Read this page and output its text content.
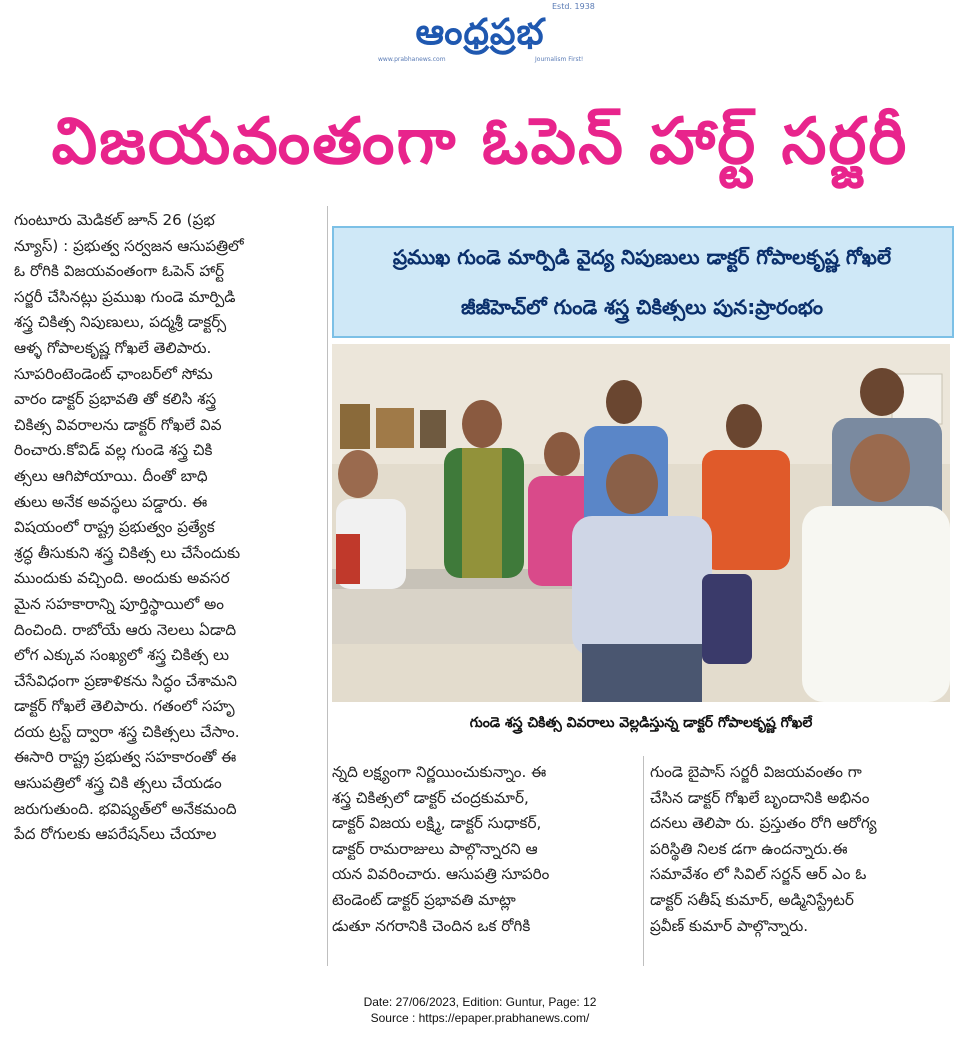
ఆంధ్రప్రభ
Estd. 1938
www.prabhanews.com	Journalism First!
విజయవంతంగా ఓపెన్ హార్ట్ సర్జరీ
గుంటూరు మెడికల్ జూన్ 26 (ప్రభ
న్యూస్) : ప్రభుత్వ సర్వజన ఆసుపత్రిలో
ఓ రోగికి విజయవంతంగా ఓపెన్ హార్ట్
సర్జరీ చేసినట్లు ప్రముఖ గుండె మార్పిడి
శస్త్ర చికిత్స నిపుణులు, పద్మశ్రీ డాక్టర్స్
ఆళ్ళ గోపాలకృష్ణ గోఖలే తెలిపారు.
సూపరింటెండెంట్ ఛాంబర్‌లో సోమ
వారం డాక్టర్ ప్రభావతి తో కలిసి శస్త్ర
చికిత్స వివరాలను డాక్టర్ గోఖలే వివ
రించారు.కోవిడ్ వల్ల గుండె శస్త్ర చికి
త్సలు ఆగిపోయాయి. దీంతో బాధి
తులు అనేక అవస్థలు పడ్డారు. ఈ
విషయంలో రాష్ట్ర ప్రభుత్వం ప్రత్యేక
శ్రద్ధ తీసుకుని శస్త్ర చికిత్స లు చేసేందుకు
ముందుకు వచ్చింది. అందుకు అవసర
మైన సహకారాన్ని పూర్తిస్థాయిలో అం
దించింది. రాబోయే ఆరు నెలలు ఏడాది
లోగ ఎక్కువ సంఖ్యలో శస్త్ర చికిత్స లు
చేసేవిధంగా ప్రణాళికను సిద్ధం చేశామని
డాక్టర్ గోఖలే తెలిపారు. గతంలో సహృ
దయ ట్రస్ట్ ద్వారా శస్త్ర చికిత్సలు చేసాం.
ఈసారి రాష్ట్ర ప్రభుత్వ సహకారంతో ఈ
ఆసుపత్రిలో శస్త్ర చికి త్సలు చేయడం
జరుగుతుంది. భవిష్యత్‌లో అనేకమంది
పేద రోగులకు ఆపరేషన్‌లు చేయాల
ప్రముఖ గుండె మార్పిడి వైద్య నిపుణులు డాక్టర్ గోపాలకృష్ణ గోఖలే
జీజీహెచ్‌లో గుండె శస్త్ర చికిత్సలు పున:ప్రారంభం
గుండె శస్త్ర చికిత్స వివరాలు వెల్లడిస్తున్న డాక్టర్ గోపాలకృష్ణ గోఖలే
న్నది లక్ష్యంగా నిర్ణయించుకున్నాం. ఈ
శస్త్ర చికిత్సలో డాక్టర్ చంద్రకుమార్,
డాక్టర్ విజయ లక్ష్మి, డాక్టర్ సుధాకర్,
డాక్టర్ రామరాజులు పాల్గొన్నారని ఆ
యన వివరించారు. ఆసుపత్రి సూపరిం
టెండెంట్ డాక్టర్ ప్రభావతి మాట్లా
డుతూ నగరానికి చెందిన ఒక రోగికి
గుండె బైపాస్ సర్జరీ విజయవంతం గా
చేసిన డాక్టర్ గోఖలే బృందానికి అభినం
దనలు తెలిపా రు. ప్రస్తుతం రోగి ఆరోగ్య
పరిస్థితి నిలక డగా ఉందన్నారు.ఈ
సమావేశం లో సివిల్ సర్జన్ ఆర్ ఎం ఓ
డాక్టర్ సతీష్ కుమార్, అడ్మినిస్ట్రేటర్
ప్రవీణ్ కుమార్ పాల్గొన్నారు.
Date: 27/06/2023, Edition: Guntur, Page: 12
Source : https://epaper.prabhanews.com/
